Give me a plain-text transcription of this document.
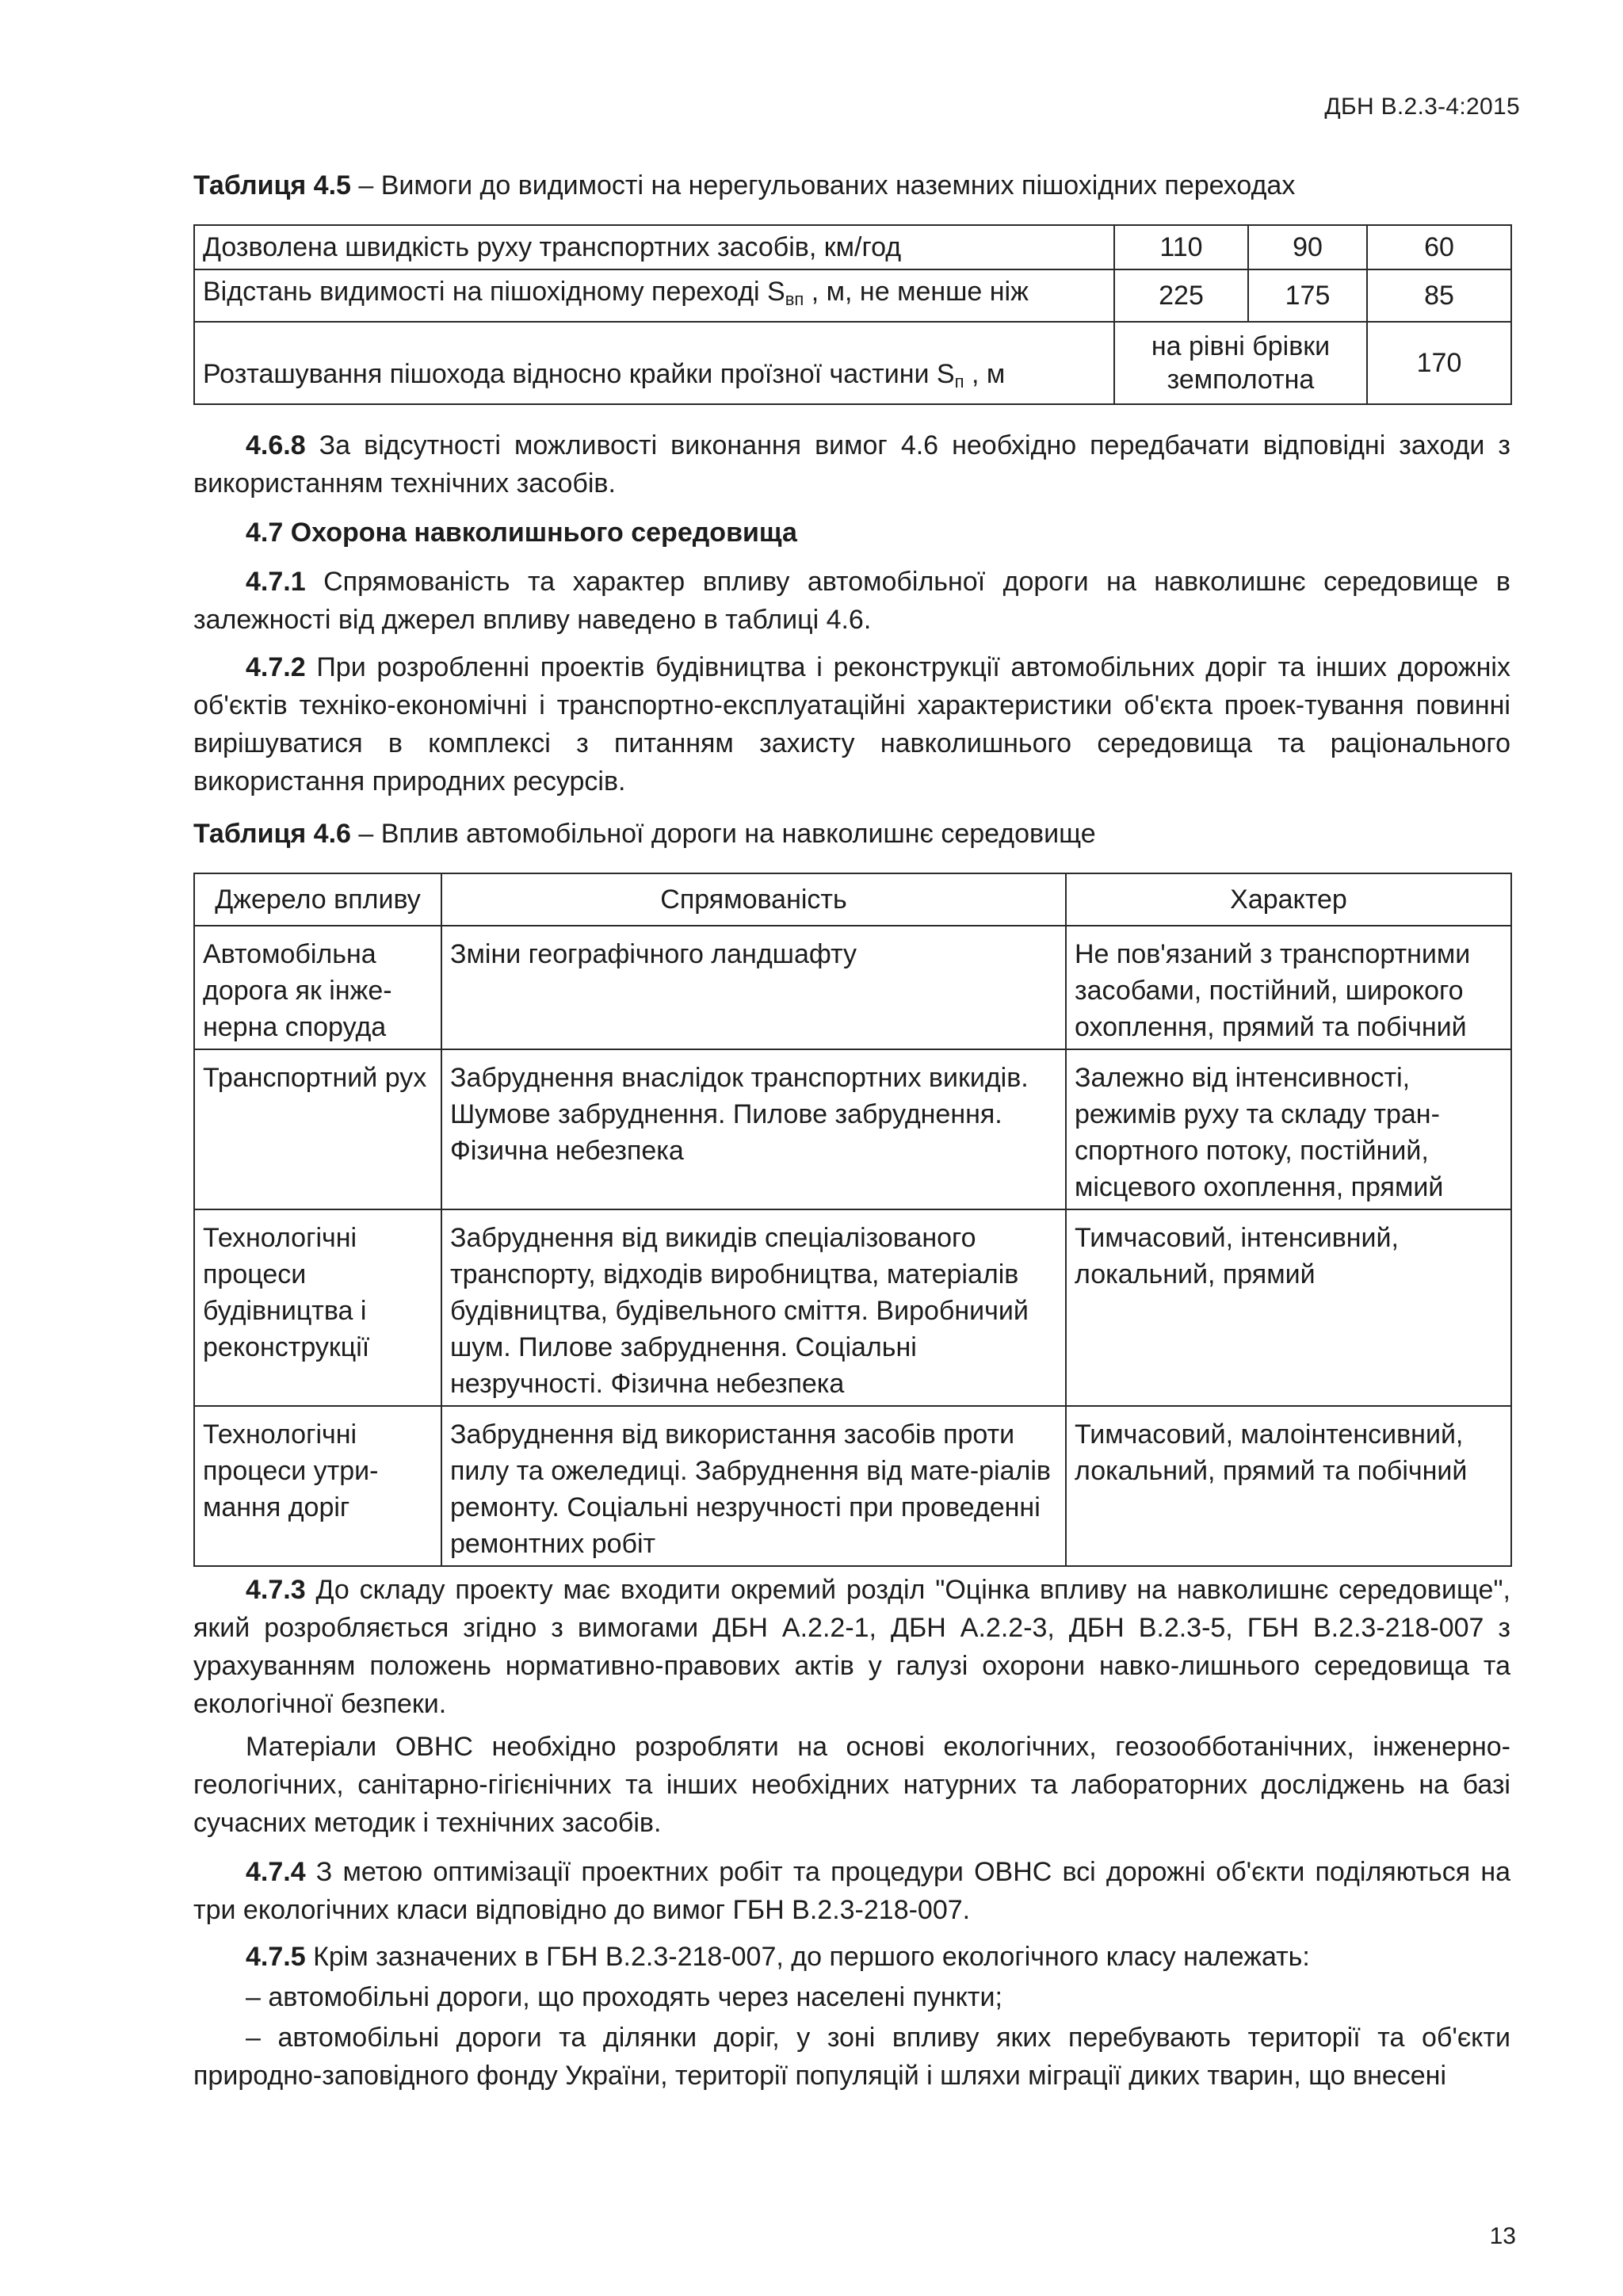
ДБН В.2.3-4:2015
Таблиця 4.5 – Вимоги до видимості на нерегульованих наземних пішохідних переходах
Дозволена швидкість руху транспортних засобів, км/год	110	90	60
Відстань видимості на пішохідному переході $S_{вп}$ , м, не менше ніж	225	175	85
Розташування пішохода відносно крайки проїзної частини $S_п$ , м	на рівні брівки земполотна		170

4.6.8 За відсутності можливості виконання вимог 4.6 необхідно передбачати відповідні заходи з використанням технічних засобів.

4.7 Охорона навколишнього середовища

4.7.1 Спрямованість та характер впливу автомобільної дороги на навколишнє середовище в залежності від джерел впливу наведено в таблиці 4.6.

4.7.2 При розробленні проектів будівництва і реконструкції автомобільних доріг та інших дорожніх об'єктів техніко-економічні і транспортно-експлуатаційні характеристики об'єкта проек-тування повинні вирішуватися в комплексі з питанням захисту навколишнього середовища та раціонального використання природних ресурсів.

Таблиця 4.6 – Вплив автомобільної дороги на навколишнє середовище
Джерело впливу	Спрямованість	Характер
Автомобільна дорога як інже-нерна споруда	Зміни географічного ландшафту	Не пов'язаний з транспортними засобами, постійний, широкого охоплення, прямий та побічний
Транспортний рух	Забруднення внаслідок транспортних викидів. Шумове забруднення. Пилове забруднення. Фізична небезпека	Залежно від інтенсивності, режимів руху та складу тран-спортного потоку, постійний, місцевого охоплення, прямий
Технологічні процеси будівництва і реконструкції	Забруднення від викидів спеціалізованого транспорту, відходів виробництва, матеріалів будівництва, будівельного сміття. Виробничий шум. Пилове забруднення. Соціальні незручності. Фізична небезпека	Тимчасовий, інтенсивний, локальний, прямий
Технологічні процеси утри-мання доріг	Забруднення від використання засобів проти пилу та ожеледиці. Забруднення від мате-ріалів ремонту. Соціальні незручності при проведенні ремонтних робіт	Тимчасовий, малоінтенсивний, локальний, прямий та побічний

4.7.3 До складу проекту має входити окремий розділ "Оцінка впливу на навколишнє середовище", який розробляється згідно з вимогами ДБН А.2.2-1, ДБН А.2.2-3, ДБН В.2.3-5, ГБН В.2.3-218-007 з урахуванням положень нормативно-правових актів у галузі охорони навко-лишнього середовища та екологічної безпеки.

Матеріали ОВНС необхідно розробляти на основі екологічних, геозообботанічних, інженерно-геологічних, санітарно-гігієнічних та інших необхідних натурних та лабораторних досліджень на базі сучасних методик і технічних засобів.

4.7.4 З метою оптимізації проектних робіт та процедури ОВНС всі дорожні об'єкти поділяються на три екологічних класи відповідно до вимог ГБН В.2.3-218-007.

4.7.5 Крім зазначених в ГБН В.2.3-218-007, до першого екологічного класу належать:

– автомобільні дороги, що проходять через населені пункти;

– автомобільні дороги та ділянки доріг, у зоні впливу яких перебувають території та об'єкти природно-заповідного фонду України, території популяцій і шляхи міграції диких тварин, що внесені

13
